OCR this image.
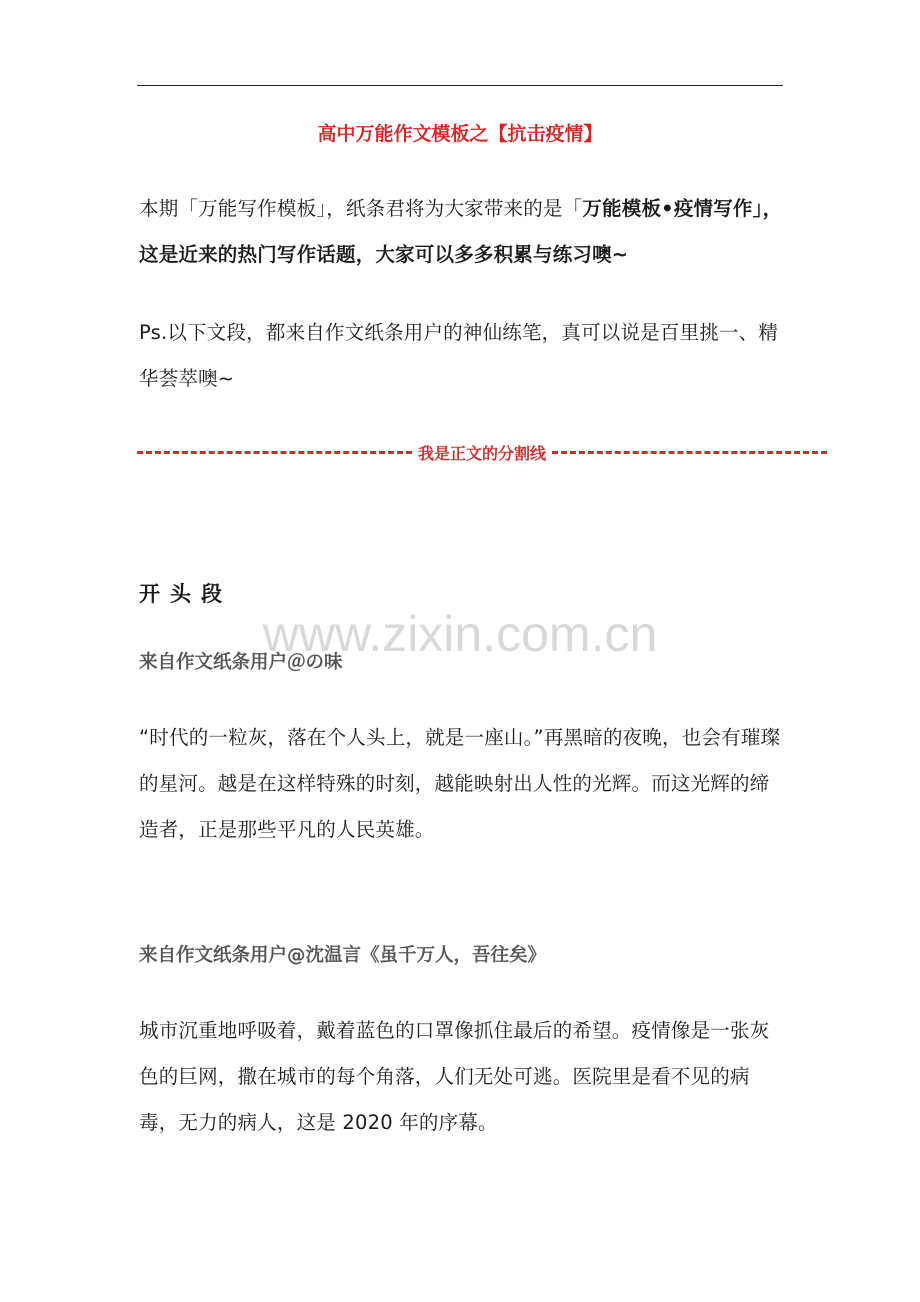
高中万能作文模板之【抗击疫情】

本期「万能写作模板」，纸条君将为大家带来的是「万能模板•疫情写作」，这是近来的热门写作话题，大家可以多多积累与练习噢~

Ps.以下文段，都来自作文纸条用户的神仙练笔，真可以说是百里挑一、精华荟萃噢~

我是正文的分割线
开头段
www.zixin.com.cn

来自作文纸条用户＠の味

“时代的一粒灰，落在个人头上，就是一座山。”再黑暗的夜晚，也会有璀璨的星河。越是在这样特殊的时刻，越能映射出人性的光辉。而这光辉的缔造者，正是那些平凡的人民英雄。

来自作文纸条用户@沈温言《虽千万人，吾往矣》

城市沉重地呼吸着，戴着蓝色的口罩像抓住最后的希望。疫情像是一张灰色的巨网，撒在城市的每个角落，人们无处可逃。医院里是看不见的病毒，无力的病人，这是 2020 年的序幕。
